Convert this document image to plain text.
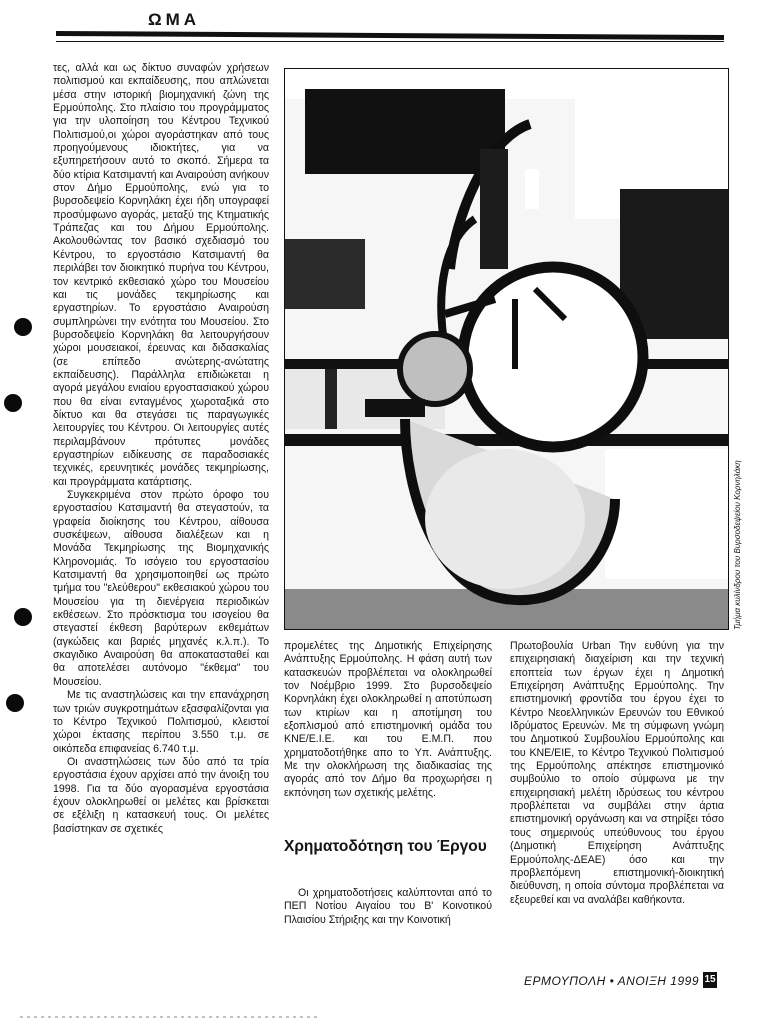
ΩΜΑ

τες, αλλά και ως δίκτυο συναφών χρήσεων πολιτισμού και εκπαίδευσης, που απλώνεται μέσα στην ιστορική βιομηχανική ζώνη της Ερμούπολης. Στο πλαίσιο του προγράμματος για την υλοποίηση του Κέντρου Τεχνικού Πολιτισμού,οι χώροι αγοράστηκαν από τους προηγούμενους ιδιοκτήτες, για να εξυπηρετήσουν αυτό το σκοπό. Σήμερα τα δύο κτίρια Κατσιμαντή και Αναιρούση ανήκουν στον Δήμο Ερμούπολης, ενώ για το βυρσοδεψείο Κορνηλάκη έχει ήδη υπογραφεί προσύμφωνο αγοράς, μεταξύ της Κτηματικής Τράπεζας και του Δήμου Ερμούπολης. Ακολουθώντας τον βασικό σχεδιασμό του Κέντρου, το εργοστάσιο Κατσιμαντή θα περιλάβει τον διοικητικό πυρήνα του Κέντρου, τον κεντρικό εκθεσιακό χώρο του Μουσείου και τις μονάδες τεκμηρίωσης και εργαστηρίων. Το εργοστάσιο Αναιρούση συμπληρώνει την ενότητα του Μουσείου. Στο βυρσοδεψείο Κορνηλάκη θα λειτουργήσουν χώροι μουσειακοί, έρευνας και διδασκαλίας (σε επίπεδο ανώτερης-ανώτατης εκπαίδευσης). Παράλληλα επιδιώκεται η αγορά μεγάλου ενιαίου εργοστασιακού χώρου που θα είναι ενταγμένος χωροταξικά στο δίκτυο και θα στεγάσει τις παραγωγικές λειτουργίες του Κέντρου. Οι λειτουργίες αυτές περιλαμβάνουν πρότυπες μονάδες εργαστηρίων ειδίκευσης σε παραδοσιακές τεχνικές, ερευνητικές μονάδες τεκμηρίωσης, και προγράμματα κατάρτισης.

Συγκεκριμένα στον πρώτο όροφο του εργοστασίου Κατσιμαντή θα στεγαστούν, τα γραφεία διοίκησης του Κέντρου, αίθουσα συσκέψεων, αίθουσα διαλέξεων και η Μονάδα Τεκμηρίωσης της Βιομηχανικής Κληρονομιάς. Το ισόγειο του εργοστασίου Κατσιμαντή θα χρησιμοποιηθεί ως πρώτο τμήμα του "ελεύθερου" εκθεσιακού χώρου του Μουσείου για τη διενέργεια περιοδικών εκθέσεων. Στο πρόσκτισμα του ισογείου θα στεγαστεί έκθεση βαρύτερων εκθεμάτων (αγκώδεις και βαριές μηχανές κ.λ.π.). Το σκαγιδικο Αναιρούση θα αποκατασταθεί και θα αποτελέσει αυτόνομο "έκθεμα" του Μουσείου.

Με τις αναστηλώσεις και την επανάχρηση των τριών συγκροτημάτων εξασφαλίζονται για το Κέντρο Τεχνικού Πολιτισμού, κλειστοί χώροι έκτασης περίπου 3.550 τ.μ. σε οικόπεδα επιφανείας 6.740 τ.μ.

Οι αναστηλώσεις των δύο από τα τρία εργοστάσια έχουν αρχίσει από την άνοιξη του 1998. Για τα δύο αγορασμένα εργοστάσια έχουν ολοκληρωθεί οι μελέτες και βρίσκεται σε εξέλιξη η κατασκευή τους. Οι μελέτες βασίστηκαν σε σχετικές

Τμήμα κυλίνδρου του Βυρσοδεψείου Κορνηλάκη

προμελέτες της Δημοτικής Επιχείρησης Ανάπτυξης Ερμούπολης. Η φάση αυτή των κατασκευών προβλέπεται να ολοκληρωθεί τον Νοέμβριο 1999. Στο βυρσοδεψείο Κορνηλάκη έχει ολοκληρωθεί η αποτύπωση των κτιρίων και η αποτίμηση του εξοπλισμού από επιστημονική ομάδα του ΚΝΕ/Ε.Ι.Ε. και του Ε.Μ.Π. που χρηματοδοτήθηκε απο το Υπ. Ανάπτυξης. Με την ολοκλήρωση της διαδικασίας της αγοράς από τον Δήμο θα προχωρήσει η εκπόνηση των σχετικής μελέτης.

Χρηματοδότηση του Έργου

Οι χρηματοδοτήσεις καλύπτονται από το ΠΕΠ Νοτίου Αιγαίου του Β' Κοινοτικού Πλαισίου Στήριξης και την Κοινοτική

Πρωτοβουλία Urban Την ευθύνη για την επιχειρησιακή διαχείριση και την τεχνική εποπτεία των έργων έχει η Δημοτική Επιχείρηση Ανάπτυξης Ερμούπολης. Την επιστημονική φροντίδα του έργου έχει το Κέντρο Νεοελληνικών Ερευνών του Εθνικού Ιδρύματος Ερευνών. Με τη σύμφωνη γνώμη του Δημοτικού Συμβουλίου Ερμούπολης και του ΚΝΕ/ΕΙΕ, το Κέντρο Τεχνικού Πολιτισμού της Ερμούπολης απέκτησε επιστημονικό συμβούλιο το οποίο σύμφωνα με την επιχειρησιακή μελέτη ιδρύσεως του κέντρου προβλέπεται να συμβάλει στην άρτια επιστημονική οργάνωση και να στηρίξει τόσο τους σημερινούς υπεύθυνους του έργου (Δημοτική Επιχείρηση Ανάπτυξης Ερμούπολης-ΔΕΑΕ) όσο και την προβλεπόμενη επιστημονική-διοικητική διεύθυνση, η οποία σύντομα προβλέπεται να εξευρεθεί και να αναλάβει καθήκοντα.

ΕΡΜΟΥΠΟΛΗ • ΑΝΟΙΞΗ 1999 15
